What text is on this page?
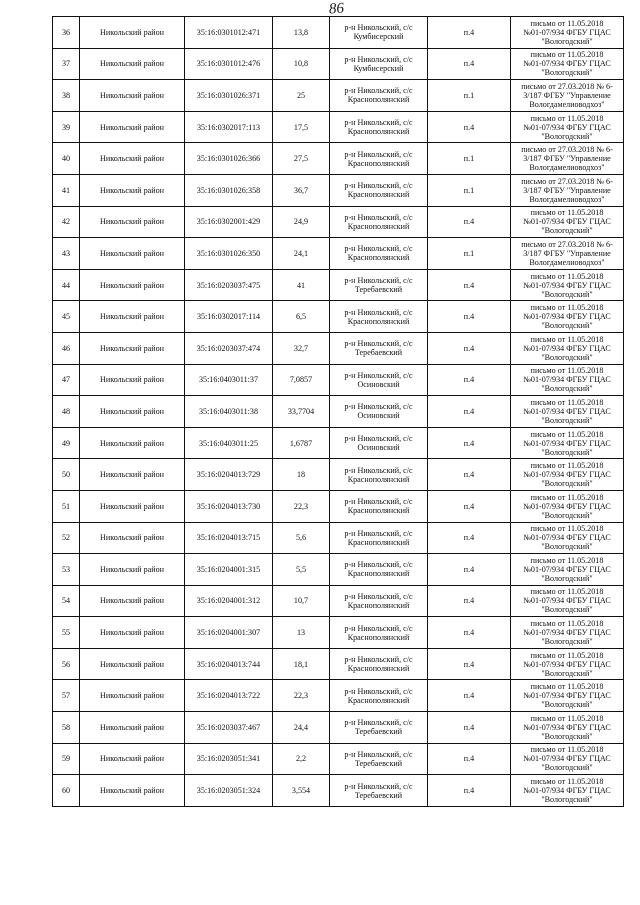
86
36	Никольский район	35:16:0301012:471	13,8	р-н Никольский, с/с
Кумбисерский	п.4	письмо от 11.05.2018
№01-07/934 ФГБУ ГЦАС
"Вологодский"

37	Никольский район	35:16:0301012:476	10,8	р-н Никольский, с/с
Кумбисерский	п.4	письмо от 11.05.2018
№01-07/934 ФГБУ ГЦАС
"Вологодский"

38	Никольский район	35:16:0301026:371	25	р-н Никольский, с/с
Краснополянский	п.1	письмо от 27.03.2018 № 6-
3/187 ФГБУ "Управление
Вологдамелиоводхоз"

39	Никольский район	35:16:0302017:113	17,5	р-н Никольский, с/с
Краснополянский	п.4	письмо от 11.05.2018
№01-07/934 ФГБУ ГЦАС
"Вологодский"

40	Никольский район	35:16:0301026:366	27,5	р-н Никольский, с/с
Краснополянский	п.1	письмо от 27.03.2018 № 6-
3/187 ФГБУ "Управление
Вологдамелиоводхоз"

41	Никольский район	35:16:0301026:358	36,7	р-н Никольский, с/с
Краснополянский	п.1	письмо от 27.03.2018 № 6-
3/187 ФГБУ "Управление
Вологдамелиоводхоз"

42	Никольский район	35:16:0302001:429	24,9	р-н Никольский, с/с
Краснополянский	п.4	письмо от 11.05.2018
№01-07/934 ФГБУ ГЦАС
"Вологодский"

43	Никольский район	35:16:0301026:350	24,1	р-н Никольский, с/с
Краснополянский	п.1	письмо от 27.03.2018 № 6-
3/187 ФГБУ "Управление
Вологдамелиоводхоз"

44	Никольский район	35:16:0203037:475	41	р-н Никольский, с/с
Теребаевский	п.4	письмо от 11.05.2018
№01-07/934 ФГБУ ГЦАС
"Вологодский"

45	Никольский район	35:16:0302017:114	6,5	р-н Никольский, с/с
Краснополянский	п.4	письмо от 11.05.2018
№01-07/934 ФГБУ ГЦАС
"Вологодский"

46	Никольский район	35:16:0203037:474	32,7	р-н Никольский, с/с
Теребаевский	п.4	письмо от 11.05.2018
№01-07/934 ФГБУ ГЦАС
"Вологодский"

47	Никольский район	35:16:0403011:37	7,0857	р-н Никольский, с/с
Осиновский	п.4	письмо от 11.05.2018
№01-07/934 ФГБУ ГЦАС
"Вологодский"

48	Никольский район	35:16:0403011:38	33,7704	р-н Никольский, с/с
Осиновский	п.4	письмо от 11.05.2018
№01-07/934 ФГБУ ГЦАС
"Вологодский"

49	Никольский район	35:16:0403011:25	1,6787	р-н Никольский, с/с
Осиновский	п.4	письмо от 11.05.2018
№01-07/934 ФГБУ ГЦАС
"Вологодский"

50	Никольский район	35:16:0204013:729	18	р-н Никольский, с/с
Краснополянский	п.4	письмо от 11.05.2018
№01-07/934 ФГБУ ГЦАС
"Вологодский"

51	Никольский район	35:16:0204013:730	22,3	р-н Никольский, с/с
Краснополянский	п.4	письмо от 11.05.2018
№01-07/934 ФГБУ ГЦАС
"Вологодский"

52	Никольский район	35:16:0204013:715	5,6	р-н Никольский, с/с
Краснополянский	п.4	письмо от 11.05.2018
№01-07/934 ФГБУ ГЦАС
"Вологодский"

53	Никольский район	35:16:0204001:315	5,5	р-н Никольский, с/с
Краснополянский	п.4	письмо от 11.05.2018
№01-07/934 ФГБУ ГЦАС
"Вологодский"

54	Никольский район	35:16:0204001:312	10,7	р-н Никольский, с/с
Краснополянский	п.4	письмо от 11.05.2018
№01-07/934 ФГБУ ГЦАС
"Вологодский"

55	Никольский район	35:16:0204001:307	13	р-н Никольский, с/с
Краснополянский	п.4	письмо от 11.05.2018
№01-07/934 ФГБУ ГЦАС
"Вологодский"

56	Никольский район	35:16:0204013:744	18,1	р-н Никольский, с/с
Краснополянский	п.4	письмо от 11.05.2018
№01-07/934 ФГБУ ГЦАС
"Вологодский"

57	Никольский район	35:16:0204013:722	22,3	р-н Никольский, с/с
Краснополянский	п.4	письмо от 11.05.2018
№01-07/934 ФГБУ ГЦАС
"Вологодский"

58	Никольский район	35:16:0203037:467	24,4	р-н Никольский, с/с
Теребаевский	п.4	письмо от 11.05.2018
№01-07/934 ФГБУ ГЦАС
"Вологодский"

59	Никольский район	35:16:0203051:341	2,2	р-н Никольский, с/с
Теребаевский	п.4	письмо от 11.05.2018
№01-07/934 ФГБУ ГЦАС
"Вологодский"

60	Никольский район	35:16:0203051:324	3,554	р-н Никольский, с/с
Теребаевский	п.4	письмо от 11.05.2018
№01-07/934 ФГБУ ГЦАС
"Вологодский"
